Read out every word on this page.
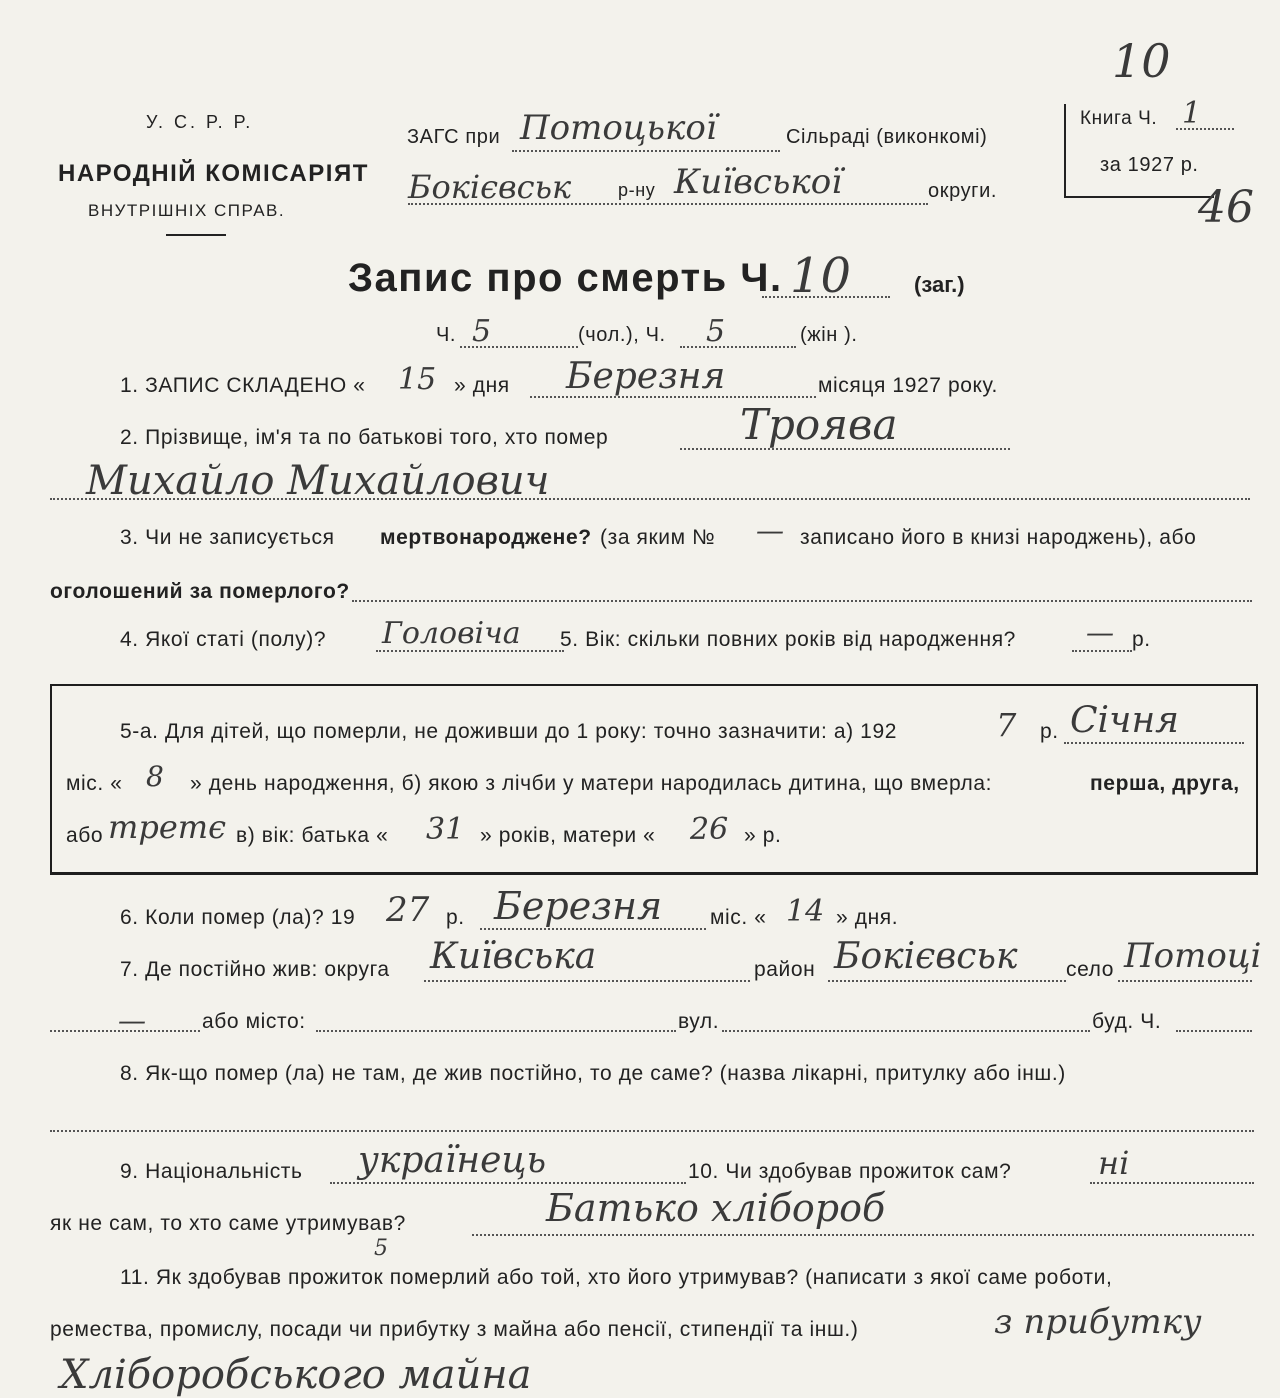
У. С. Р. Р.
НАРОДНІЙ КОМІСАРІЯТ
ВНУТРІШНІХ СПРАВ.
ЗАГС при Потоцької	Сільраді (виконкомі)
Бокієвськ	р-ну Київської	округи.
10
Книга Ч. 1
за 1927 р.
46
Запис про смерть Ч. 10	(заг.)
Ч. 5	(чол.), Ч. 5	(жін ).
1. ЗАПИС СКЛАДЕНО « 15 » дня Березня	місяця 1927 року.
2. Прізвище, ім'я та по батькові того, хто помер	Троява
Михайло Михайлович
3. Чи не записується мертвонароджене? (за яким № — записано його в книзі народжень), або
оголошений за померлого?
4. Якої статі (полу)? Головіча 5. Вік: скільки повних років від народження?	— р.
5-а. Для дітей, що померли, не доживши до 1 року: точно зазначити: а) 192	7 р. Січня
міс. « 8 » день народження, б) якою з лічби у матери народилась дитина, що вмерла:	перша, друга,
або третє в) вік: батька « 31 » років, матери « 26 » р.
6. Коли помер (ла)? 19 27 р. Березня міс. « 14 » дня.
7. Де постійно жив: округа Київська	район Бокієвськ село Потоці
—	або місто:	вул.	буд. Ч.
8. Як-що помер (ла) не там, де жив постійно, то де саме? (назва лікарні, притулку або інш.)
9. Національність українець	10. Чи здобував прожиток сам?	ні
як не сам, то хто саме утримував?	Батько хлібороб
5
11. Як здобував прожиток померлий або той, хто його утримував? (написати з якої саме роботи,
ремества, промислу, посади чи прибутку з майна або пенсії, стипендії та інш.)	з прибутку
Хліборобського майна
